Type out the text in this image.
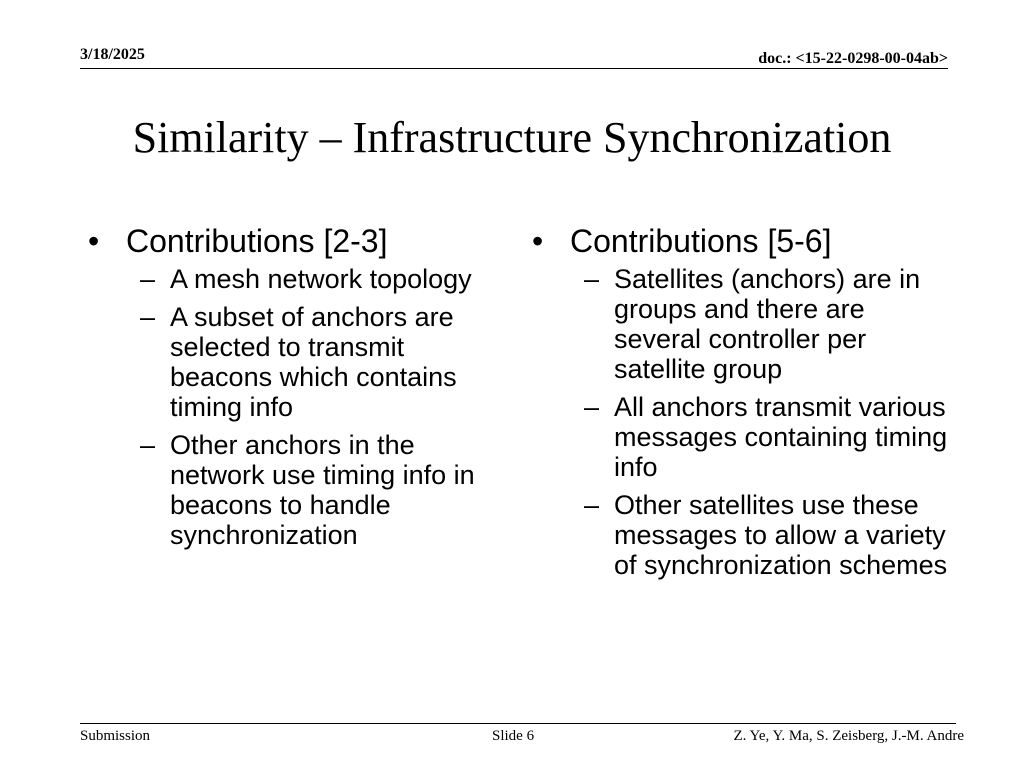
3/18/2025	doc.: <15-22-0298-00-04ab>
Similarity – Infrastructure Synchronization
• Contributions [2-3]
– A mesh network topology
– A subset of anchors are selected to transmit beacons which contains timing info
– Other anchors in the network use timing info in beacons to handle synchronization
• Contributions [5-6]
– Satellites (anchors) are in groups and there are several controller per satellite group
– All anchors transmit various messages containing timing info
– Other satellites use these messages to allow a variety of synchronization schemes
Submission	Slide 6	Z. Ye, Y. Ma, S. Zeisberg, J.-M. Andre
